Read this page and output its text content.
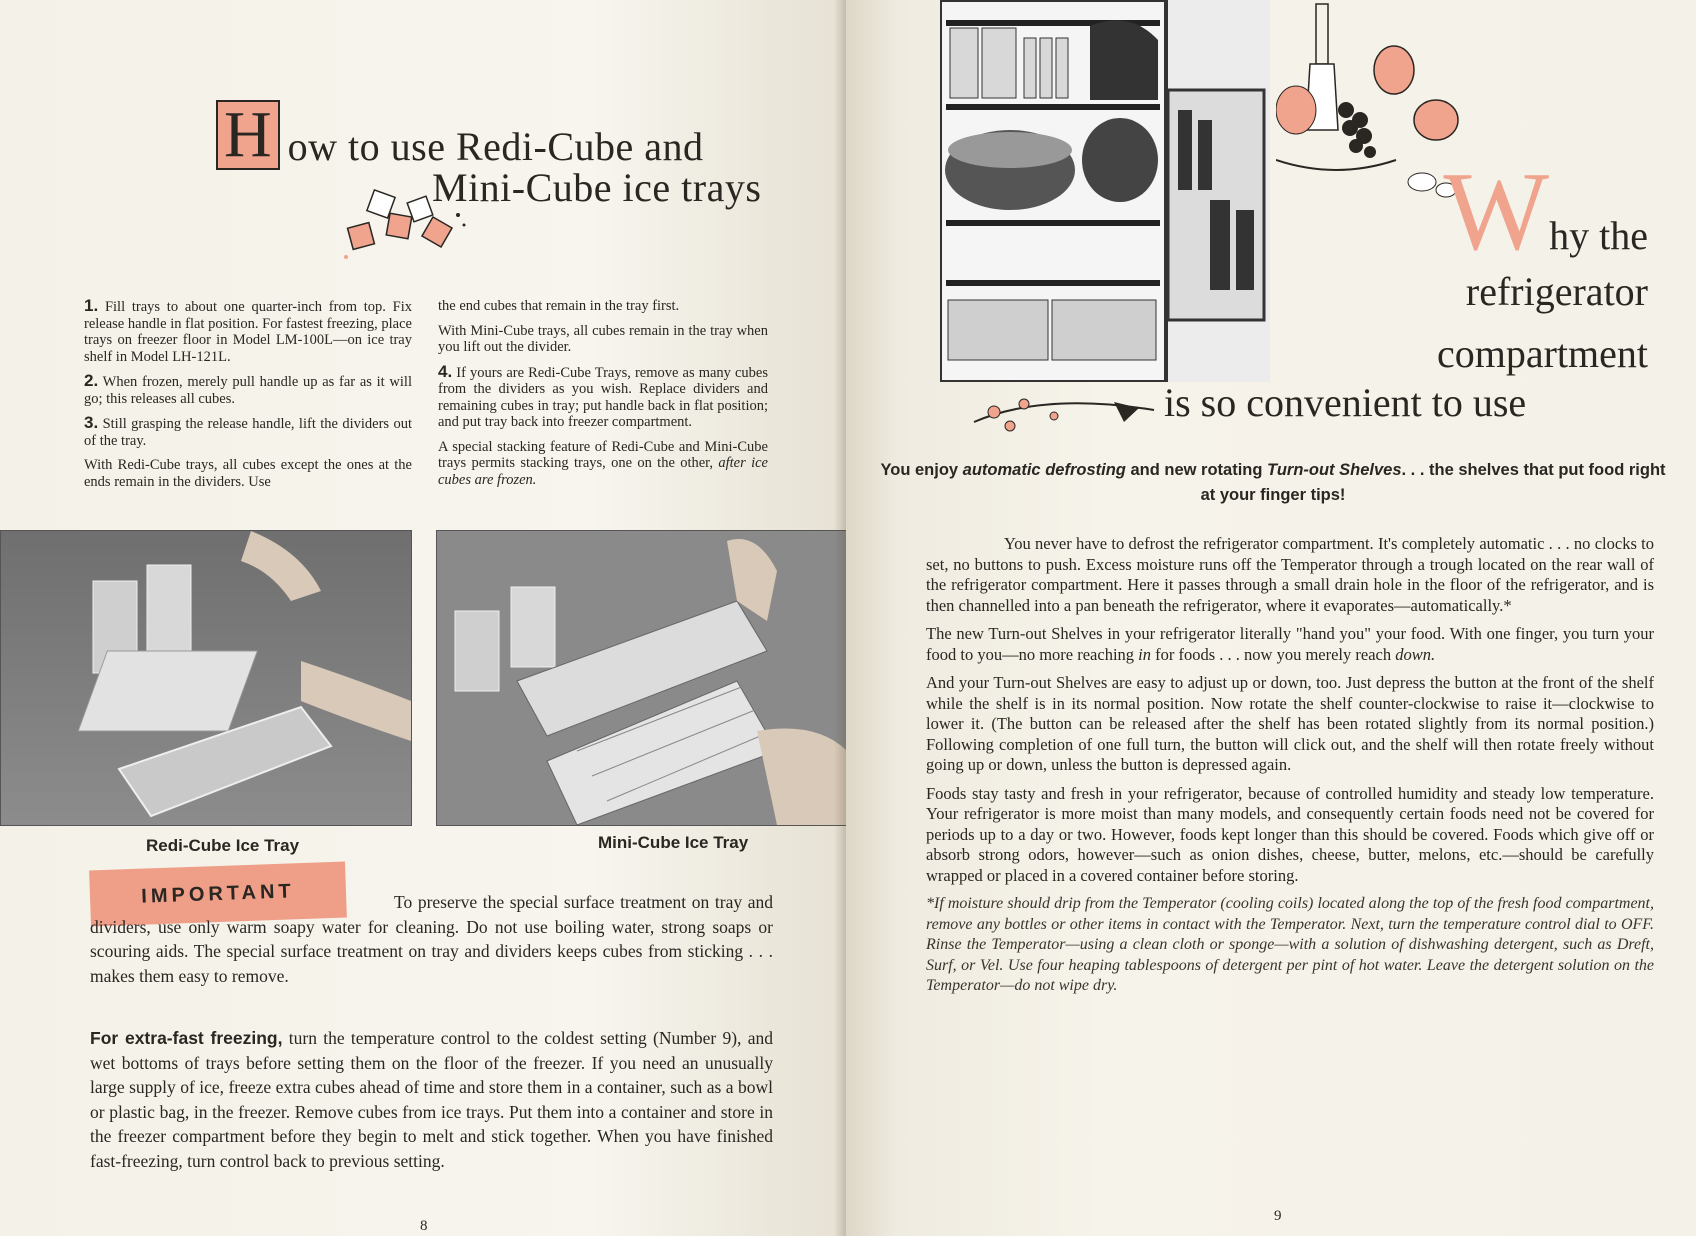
H ow to use Redi-Cube and
Mini-Cube ice trays

1. Fill trays to about one quarter-inch from top. Fix release handle in flat position. For fastest freezing, place trays on freezer floor in Model LM-100L—on ice tray shelf in Model LH-121L.

2. When frozen, merely pull handle up as far as it will go; this releases all cubes.

3. Still grasping the release handle, lift the dividers out of the tray.

With Redi-Cube trays, all cubes except the ones at the ends remain in the dividers. Use

the end cubes that remain in the tray first.

With Mini-Cube trays, all cubes remain in the tray when you lift out the divider.

4. If yours are Redi-Cube Trays, remove as many cubes from the dividers as you wish. Replace dividers and remaining cubes in tray; put handle back in flat position; and put tray back into freezer compartment.

A special stacking feature of Redi-Cube and Mini-Cube trays permits stacking trays, one on the other, after ice cubes are frozen.

Redi-Cube Ice Tray	Mini-Cube Ice Tray
IMPORTANT	To preserve the special surface treatment on tray and dividers, use only warm soapy water for cleaning. Do not use boiling water, strong soaps or scouring aids. The special surface treatment on tray and dividers keeps cubes from sticking . . . makes them easy to remove.
For extra-fast freezing, turn the temperature control to the coldest setting (Number 9), and wet bottoms of trays before setting them on the floor of the freezer. If you need an unusually large supply of ice, freeze extra cubes ahead of time and store them in a container, such as a bowl or plastic bag, in the freezer. Remove cubes from ice trays. Put them into a container and store in the freezer compartment before they begin to melt and stick together. When you have finished fast-freezing, turn control back to previous setting.
8
Why the
refrigerator
compartment
is so convenient to use
You enjoy automatic defrosting and new rotating Turn-out Shelves. . . the shelves that put food right at your finger tips!

You never have to defrost the refrigerator compartment. It's completely automatic . . . no clocks to set, no buttons to push. Excess moisture runs off the Temperator through a trough located on the rear wall of the refrigerator compartment. Here it passes through a small drain hole in the floor of the refrigerator, and is then channelled into a pan beneath the refrigerator, where it evaporates—automatically.*

The new Turn-out Shelves in your refrigerator literally "hand you" your food. With one finger, you turn your food to you—no more reaching in for foods . . . now you merely reach down.

And your Turn-out Shelves are easy to adjust up or down, too. Just depress the button at the front of the shelf while the shelf is in its normal position. Now rotate the shelf counter-clockwise to raise it—clockwise to lower it. (The button can be released after the shelf has been rotated slightly from its normal position.) Following completion of one full turn, the button will click out, and the shelf will then rotate freely without going up or down, unless the button is depressed again.

Foods stay tasty and fresh in your refrigerator, because of controlled humidity and steady low temperature. Your refrigerator is more moist than many models, and consequently certain foods need not be covered for periods up to a day or two. However, foods kept longer than this should be covered. Foods which give off or absorb strong odors, however—such as onion dishes, cheese, butter, melons, etc.—should be carefully wrapped or placed in a covered container before storing.

*If moisture should drip from the Temperator (cooling coils) located along the top of the fresh food compartment, remove any bottles or other items in contact with the Temperator. Next, turn the temperature control dial to OFF. Rinse the Temperator—using a clean cloth or sponge—with a solution of dishwashing detergent, such as Dreft, Surf, or Vel. Use four heaping tablespoons of detergent per pint of hot water. Leave the detergent solution on the Temperator—do not wipe dry.

9
